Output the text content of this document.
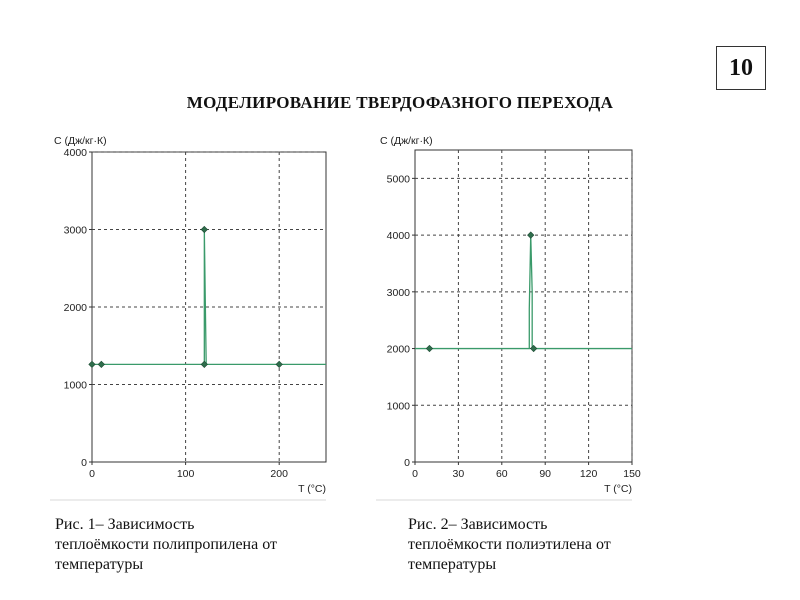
10
МОДЕЛИРОВАНИЕ ТВЕРДОФАЗНОГО ПЕРЕХОДА
0
1000
2000
3000
4000
0	100	200
C (Дж/кг·К)
T (°C)
0
1000
2000
3000
4000
5000
0	30	60	90	120 150
C (Дж/кг·К)
T (°C)
Рис. 1– Зависимость
теплоёмкости полипропилена от
температуры
Рис. 2– Зависимость
теплоёмкости полиэтилена от
температуры
